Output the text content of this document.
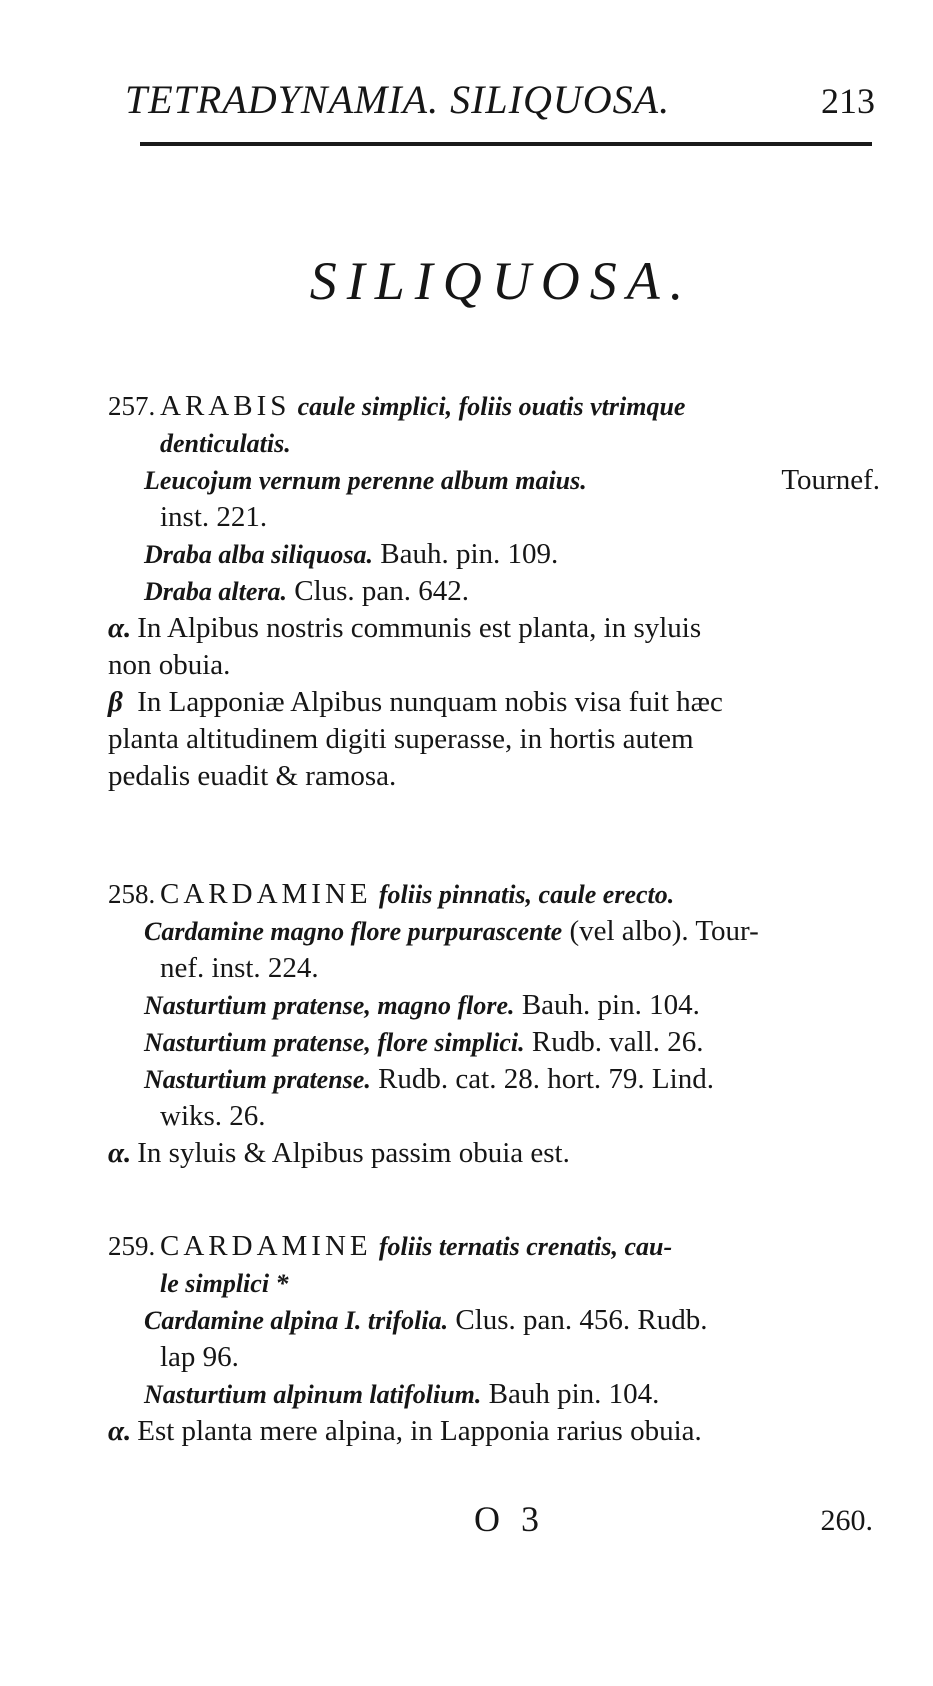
TETRADYNAMIA. SILIQUOSA.	213
SILIQUOSA.
257. ARABIS caule simplici, foliis ouatis vtrimque
denticulatis.
Leucojum vernum perenne album maius.	Tournef.
inst. 221.
Draba alba siliquosa. Bauh. pin. 109.
Draba altera. Clus. pan. 642.
α. In Alpibus nostris communis est planta, in syluis
non obuia.
β In Lapponiæ Alpibus nunquam nobis visa fuit hæc
planta altitudinem digiti superasse, in hortis autem
pedalis euadit & ramosa.
258. CARDAMINE foliis pinnatis, caule erecto.
Cardamine magno flore purpurascente (vel albo). Tour-
nef. inst. 224.
Nasturtium pratense, magno flore. Bauh. pin. 104.
Nasturtium pratense, flore simplici. Rudb. vall. 26.
Nasturtium pratense. Rudb. cat. 28. hort. 79. Lind.
wiks. 26.
α. In syluis & Alpibus passim obuia est.
259. CARDAMINE foliis ternatis crenatis, cau-
le simplici *
Cardamine alpina I. trifolia. Clus. pan. 456. Rudb.
lap 96.
Nasturtium alpinum latifolium. Bauh pin. 104.
α. Est planta mere alpina, in Lapponia rarius obuia.
O 3	260.
